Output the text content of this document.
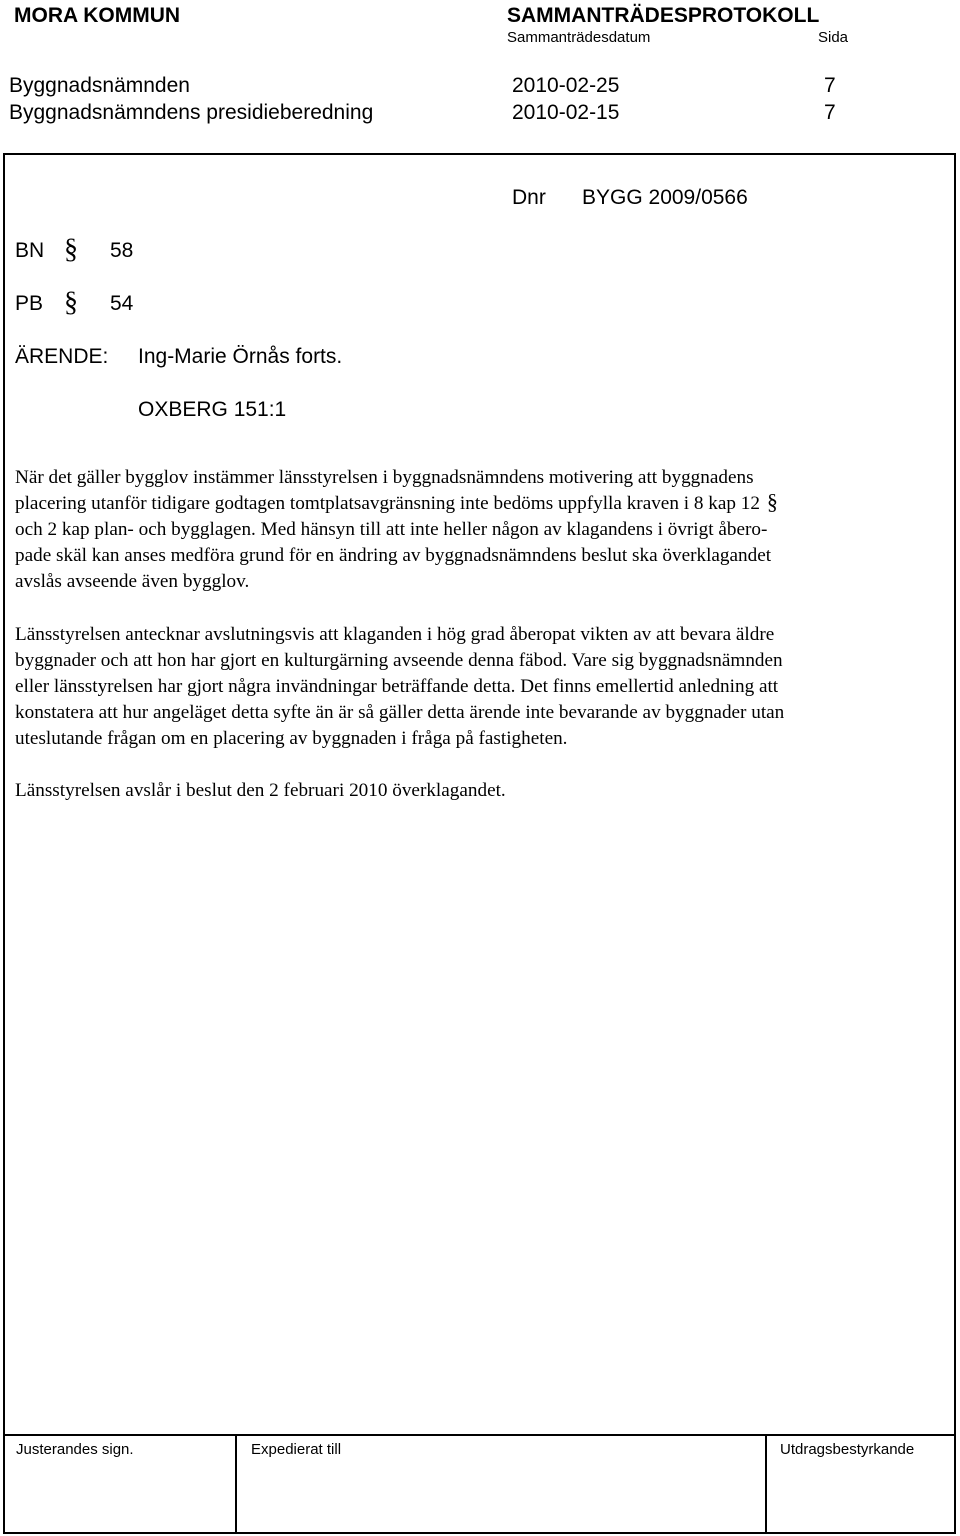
MORA KOMMUN	SAMMANTRÄDESPROTOKOLL
Sammanträdesdatum	Sida
Byggnadsnämnden	2010-02-25	7
Byggnadsnämndens presidieberedning	2010-02-15	7
Dnr BYGG 2009/0566
BN § 58
PB § 54
ÄRENDE: Ing-Marie Örnås forts.
OXBERG 151:1
När det gäller bygglov instämmer länsstyrelsen i byggnadsnämndens motivering att byggnadens
placering utanför tidigare godtagen tomtplatsavgränsning inte bedöms uppfylla kraven i 8 kap 12 §
och 2 kap plan- och bygglagen. Med hänsyn till att inte heller någon av klagandens i övrigt åbero-
pade skäl kan anses medföra grund för en ändring av byggnadsnämndens beslut ska överklagandet
avslås avseende även bygglov.
Länsstyrelsen antecknar avslutningsvis att klaganden i hög grad åberopat vikten av att bevara äldre
byggnader och att hon har gjort en kulturgärning avseende denna fäbod. Vare sig byggnadsnämnden
eller länsstyrelsen har gjort några invändningar beträffande detta. Det finns emellertid anledning att
konstatera att hur angeläget detta syfte än är så gäller detta ärende inte bevarande av byggnader utan
uteslutande frågan om en placering av byggnaden i fråga på fastigheten.
Länsstyrelsen avslår i beslut den 2 februari 2010 överklagandet.
Justerandes sign.	Expedierat till	Utdragsbestyrkande
